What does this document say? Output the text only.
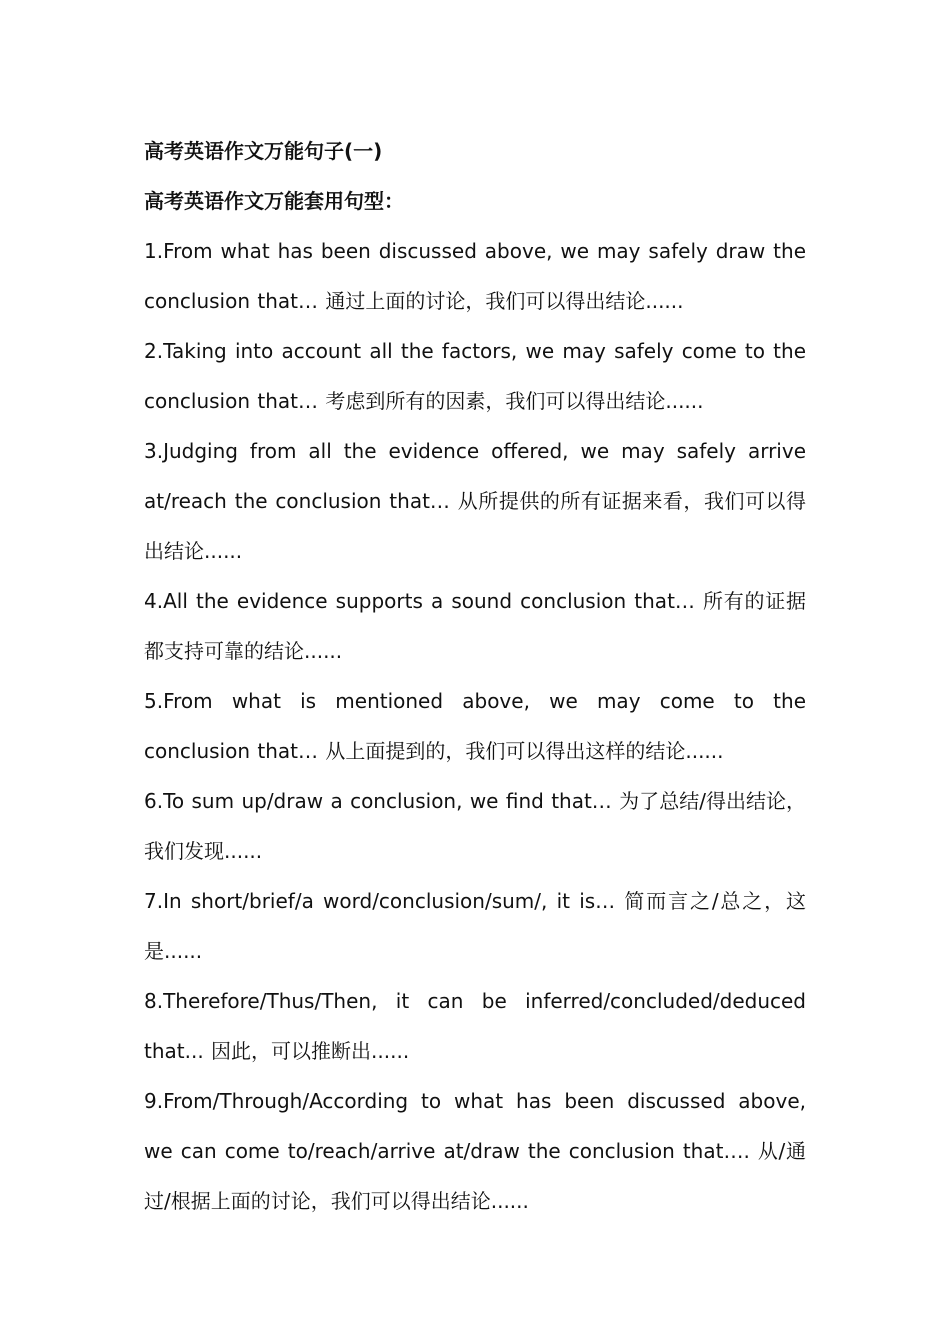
高考英语作文万能句子(一)

高考英语作文万能套用句型：

1.From what has been discussed above, we may safely draw the conclusion that… 通过上面的讨论，我们可以得出结论......

2.Taking into account all the factors, we may safely come to the conclusion that… 考虑到所有的因素，我们可以得出结论......

3.Judging from all the evidence offered, we may safely arrive at/reach the conclusion that… 从所提供的所有证据来看，我们可以得出结论......

4.All the evidence supports a sound conclusion that… 所有的证据都支持可靠的结论......

5.From what is mentioned above, we may come to the conclusion that… 从上面提到的，我们可以得出这样的结论......

6.To sum up/draw a conclusion, we find that… 为了总结/得出结论，我们发现......

7.In short/brief/a word/conclusion/sum/, it is… 简而言之/总之，这是......

8.Therefore/Thus/Then, it can be inferred/concluded/deduced that... 因此，可以推断出......

9.From/Through/According to what has been discussed above, we can come to/reach/arrive at/draw the conclusion that…. 从/通过/根据上面的讨论，我们可以得出结论......
